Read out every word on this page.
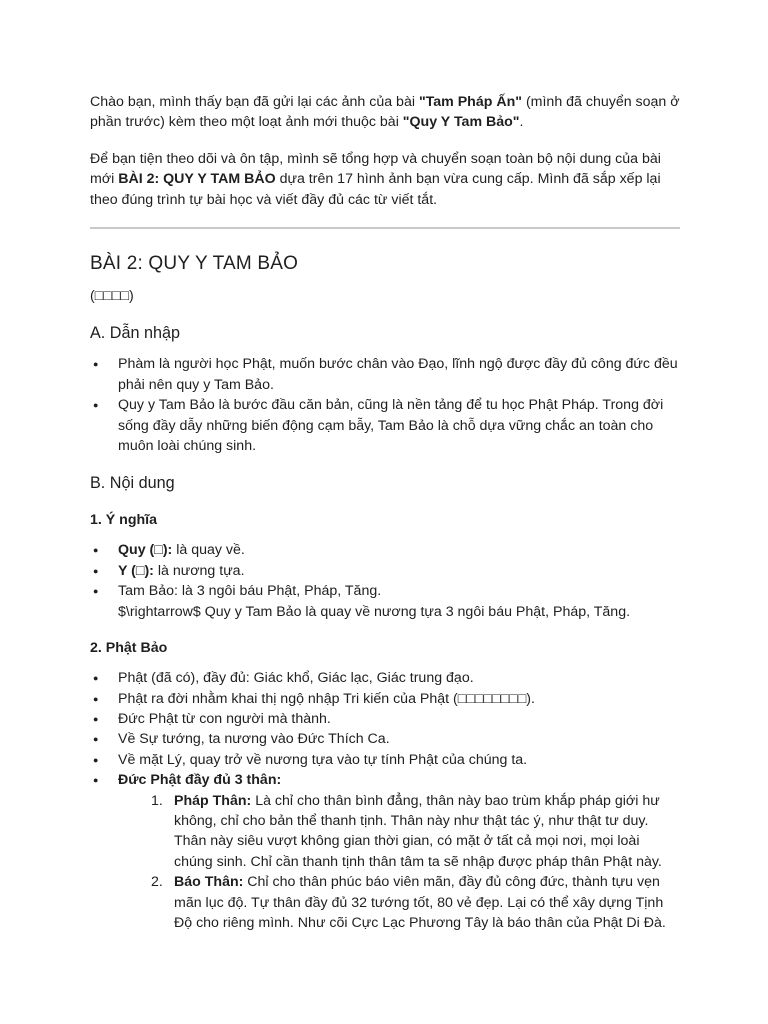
Chào bạn, mình thấy bạn đã gửi lại các ảnh của bài "Tam Pháp Ấn" (mình đã chuyển soạn ở phần trước) kèm theo một loạt ảnh mới thuộc bài "Quy Y Tam Bảo".

Để bạn tiện theo dõi và ôn tập, mình sẽ tổng hợp và chuyển soạn toàn bộ nội dung của bài mới BÀI 2: QUY Y TAM BẢO dựa trên 17 hình ảnh bạn vừa cung cấp. Mình đã sắp xếp lại theo đúng trình tự bài học và viết đầy đủ các từ viết tắt.

BÀI 2: QUY Y TAM BẢO

(□□□□)

A. Dẫn nhập
● Phàm là người học Phật, muốn bước chân vào Đạo, lĩnh ngộ được đầy đủ công đức đều phải nên quy y Tam Bảo.
● Quy y Tam Bảo là bước đầu căn bản, cũng là nền tảng để tu học Phật Pháp. Trong đời sống đầy dẫy những biến động cạm bẫy, Tam Bảo là chỗ dựa vững chắc an toàn cho muôn loài chúng sinh.
B. Nội dung
1. Ý nghĩa
● Quy (□): là quay về.
● Y (□): là nương tựa.
● Tam Bảo: là 3 ngôi báu Phật, Pháp, Tăng.
$\rightarrow$ Quy y Tam Bảo là quay về nương tựa 3 ngôi báu Phật, Pháp, Tăng.
2. Phật Bảo
● Phật (đã có), đầy đủ: Giác khổ, Giác lạc, Giác trung đạo.
● Phật ra đời nhằm khai thị ngộ nhập Tri kiến của Phật (□□□□□□□□).
● Đức Phật từ con người mà thành.
● Về Sự tướng, ta nương vào Đức Thích Ca.
● Về mặt Lý, quay trở về nương tựa vào tự tính Phật của chúng ta.
● Đức Phật đầy đủ 3 thân:
1. Pháp Thân: Là chỉ cho thân bình đẳng, thân này bao trùm khắp pháp giới hư không, chỉ cho bản thể thanh tịnh. Thân này như thật tác ý, như thật tư duy. Thân này siêu vượt không gian thời gian, có mặt ở tất cả mọi nơi, mọi loài chúng sinh. Chỉ cần thanh tịnh thân tâm ta sẽ nhập được pháp thân Phật này.
2. Báo Thân: Chỉ cho thân phúc báo viên mãn, đầy đủ công đức, thành tựu vẹn mãn lục độ. Tự thân đầy đủ 32 tướng tốt, 80 vẻ đẹp. Lại có thể xây dựng Tịnh Độ cho riêng mình. Như cõi Cực Lạc Phương Tây là báo thân của Phật Di Đà.
